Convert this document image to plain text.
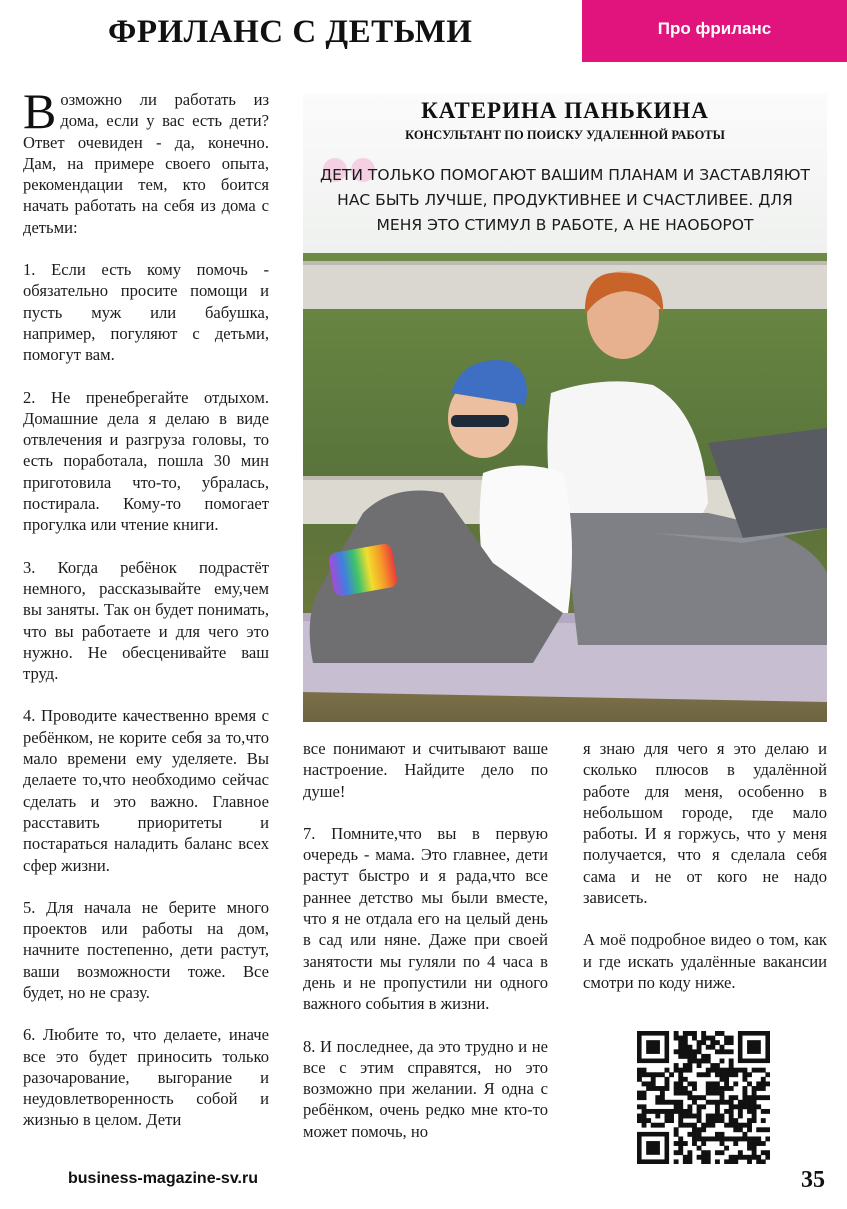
ФРИЛАНС С ДЕТЬМИ	Про фриланс

Возможно ли работать из дома, если у вас есть дети? Ответ очевиден - да, конечно. Дам, на примере своего опыта, рекомендации тем, кто боится начать работать на себя из дома с детьми:

1. Если есть кому помочь - обязательно просите помощи и пусть муж или бабушка, например, погуляют с детьми, помогут вам.

2. Не пренебрегайте отдыхом. Домашние дела я делаю в виде отвлечения и разгруза головы, то есть поработала, пошла 30 мин приготовила что-то, убралась, постирала. Кому-то помогает прогулка или чтение книги.

3. Когда ребёнок подрастёт немного, рассказывайте ему,чем вы заняты. Так он будет понимать, что вы работаете и для чего это нужно. Не обесценивайте ваш труд.

4. Проводите качественно время с ребёнком, не корите себя за то,что мало времени ему уделяете. Вы делаете то,что необходимо сейчас сделать и это важно. Главное расставить приоритеты и постараться наладить баланс всех сфер жизни.

5. Для начала не берите много проектов или работы на дом, начните постепенно, дети растут, ваши возможности тоже. Все будет, но не сразу.

6. Любите то, что делаете, иначе все это будет приносить только разочарование, выгорание и неудовлетворенность собой и жизнью в целом. Дети

КАТЕРИНА ПАНЬКИНА
КОНСУЛЬТАНТ ПО ПОИСКУ УДАЛЕННОЙ РАБОТЫ
ДЕТИ ТОЛЬКО ПОМОГАЮТ ВАШИМ ПЛАНАМ И ЗАСТАВЛЯЮТ НАС БЫТЬ ЛУЧШЕ, ПРОДУКТИВНЕЕ И СЧАСТЛИВЕЕ. ДЛЯ МЕНЯ ЭТО СТИМУЛ В РАБОТЕ, А НЕ НАОБОРОТ

все понимают и считывают ваше настроение. Найдите дело по душе!

7. Помните,что вы в первую очередь - мама. Это главнее, дети растут быстро и я рада,что все раннее детство мы были вместе, что я не отдала его на целый день в сад или няне. Даже при своей занятости мы гуляли по 4 часа в день и не пропустили ни одного важного события в жизни.

8. И последнее, да это трудно и не все с этим справятся, но это возможно при желании. Я одна с ребёнком, очень редко мне кто-то может помочь, но

я знаю для чего я это делаю и сколько плюсов в удалённой работе для меня, особенно в небольшом городе, где мало работы. И я горжусь, что у меня получается, что я сделала себя сама и не от кого не надо зависеть.

А моё подробное видео о том, как и где искать удалённые вакансии смотри по коду ниже.

business-magazine-sv.ru	35
